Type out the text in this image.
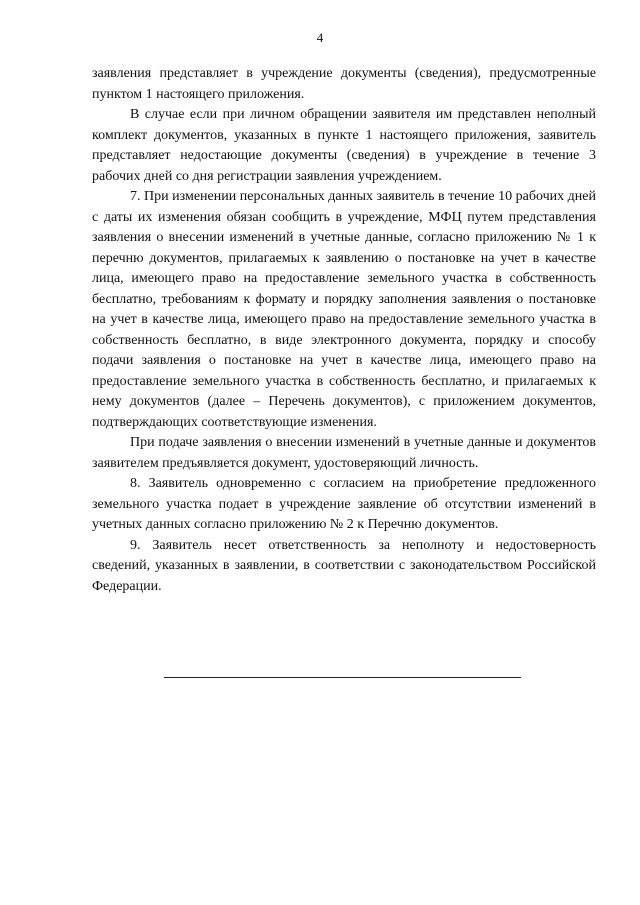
4

заявления представляет в учреждение документы (сведения), предусмотренные пунктом 1 настоящего приложения.

В случае если при личном обращении заявителя им представлен неполный комплект документов, указанных в пункте 1 настоящего приложения, заявитель представляет недостающие документы (сведения) в учреждение в течение 3 рабочих дней со дня регистрации заявления учреждением.

7. При изменении персональных данных заявитель в течение 10 рабочих дней с даты их изменения обязан сообщить в учреждение, МФЦ путем представления заявления о внесении изменений в учетные данные, согласно приложению № 1 к перечню документов, прилагаемых к заявлению о постановке на учет в качестве лица, имеющего право на предоставление земельного участка в собственность бесплатно, требованиям к формату и порядку заполнения заявления о постановке на учет в качестве лица, имеющего право на предоставление земельного участка в собственность бесплатно, в виде электронного документа, порядку и способу подачи заявления о постановке на учет в качестве лица, имеющего право на предоставление земельного участка в собственность бесплатно, и прилагаемых к нему документов (далее – Перечень документов), с приложением документов, подтверждающих соответствующие изменения.

При подаче заявления о внесении изменений в учетные данные и документов заявителем предъявляется документ, удостоверяющий личность.

8. Заявитель одновременно с согласием на приобретение предложенного земельного участка подает в учреждение заявление об отсутствии изменений в учетных данных согласно приложению № 2 к Перечню документов.

9. Заявитель несет ответственность за неполноту и недостоверность сведений, указанных в заявлении, в соответствии с законодательством Российской Федерации.
